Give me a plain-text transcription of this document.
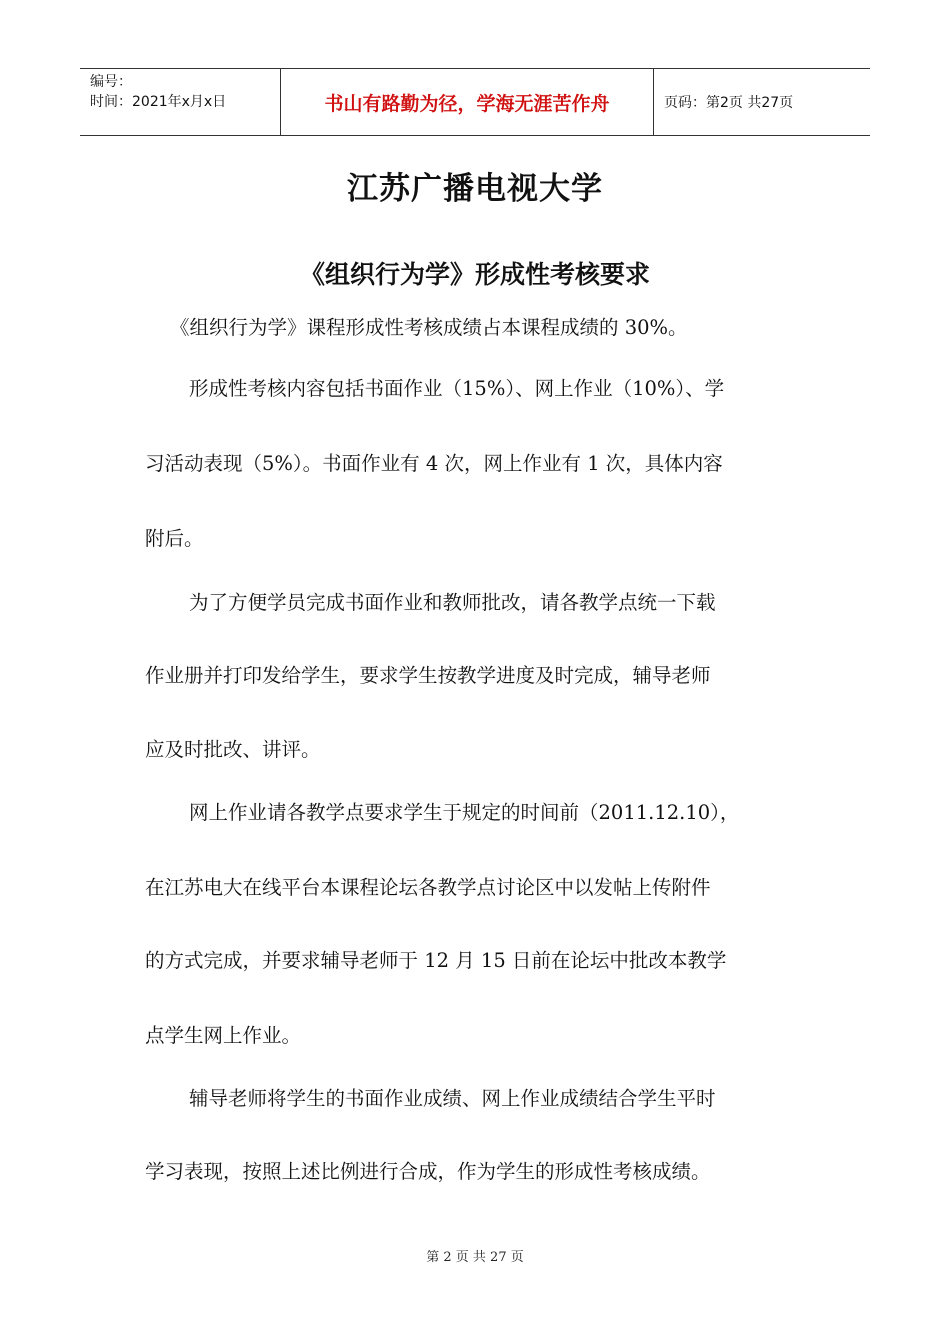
编号：
时间：2021年x月x日	书山有路勤为径，学海无涯苦作舟	页码：第2页 共27页
江苏广播电视大学
《组织行为学》形成性考核要求
《组织行为学》课程形成性考核成绩占本课程成绩的 30%。
形成性考核内容包括书面作业（15%）、网上作业（10%）、学
习活动表现（5%）。书面作业有 4 次，网上作业有 1 次，具体内容
附后。
为了方便学员完成书面作业和教师批改，请各教学点统一下载
作业册并打印发给学生，要求学生按教学进度及时完成，辅导老师
应及时批改、讲评。
网上作业请各教学点要求学生于规定的时间前（2011.12.10），
在江苏电大在线平台本课程论坛各教学点讨论区中以发帖上传附件
的方式完成，并要求辅导老师于 12 月 15 日前在论坛中批改本教学
点学生网上作业。
辅导老师将学生的书面作业成绩、网上作业成绩结合学生平时
学习表现，按照上述比例进行合成，作为学生的形成性考核成绩。
第 2 页 共 27 页
